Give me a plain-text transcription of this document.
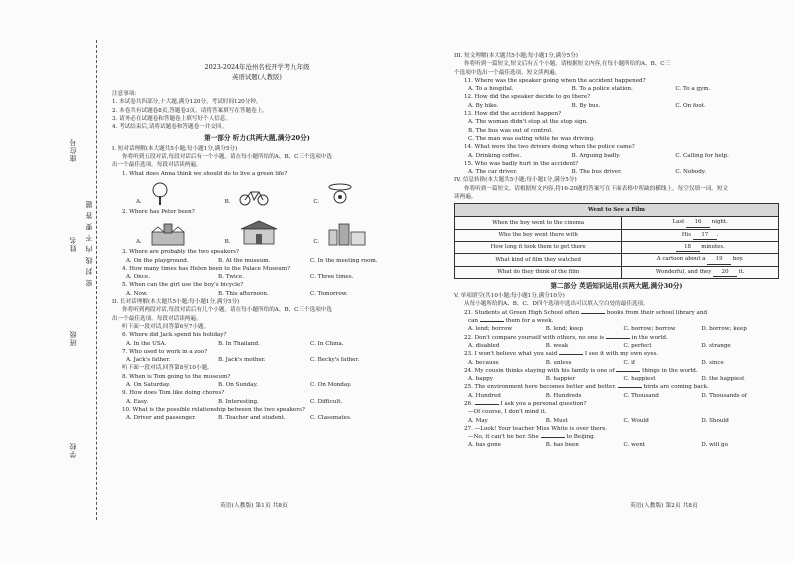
学校
班级
姓名
座位号
密 封 线 内 不 要 答 题
2023-2024年沧州名校开学考九年级
英语试题(人教版)
注意事项:
1. 本试卷共四部分,十大题,满分120分。考试时间120分钟。
2. 本卷共有试题卷8页,答题卷3页。请将答案填写在答题卷上。
3. 请务必在试题卷和答题卷上填写好个人信息。
4. 考试结束后,请将试题卷和答题卷一并交回。
第一部分 听力(共两大题,满分20分)
I. 短对话理解(本大题共5小题;每小题1分,满分5分)
你将听到五段对话,每段对话后有一个小题。请在每小题所给的A、B、C三个选项中选
出一个最佳选项。每段对话读两遍。
1. What does Anna think we should do to live a green life?
A.	B.	C.
2. Where has Peter been?
A.	B.	C.
3. Where are probably the two speakers?
A. On the playground.	B. At the museum.	C. In the meeting room.
4. How many times has Helen been to the Palace Museum?
A. Once.	B. Twice.	C. Three times.
5. When can the girl use the boy's bicycle?
A. Now.	B. This afternoon.	C. Tomorrow.
II. 长对话理解(本大题共5小题;每小题1分,满分5分)
你将听到两段对话,每段对话后有几个小题。请在每小题所给的A、B、C三个选项中选
出一个最佳选项。每段对话读两遍。
听下面一段对话,回答第6至7小题。
6. Where did Jack spend his holiday?
A. In the USA.	B. In Thailand.	C. In China.
7. Who used to work in a zoo?
A. Jack's father.	B. Jack's mother.	C. Becky's father.
听下面一段对话,回答第8至10小题。
8. When is Tom going to the museum?
A. On Saturday.	B. On Sunday.	C. On Monday.
9. How does Tom like doing chores?
A. Easy.	B. Interesting.	C. Difficult.
10. What is the possible relationship between the two speakers?
A. Driver and passenger.	B. Teacher and student.	C. Classmates.
III. 短文理解(本大题共5小题;每小题1分,满分5分)
你将听到一篇短文,短文后有五个小题。请根据短文内容,在每小题所给的A、B、C三
个选项中选出一个最佳选项。短文读两遍。
11. Where was the speaker going when the accident happened?
A. To a hospital.	B. To a police station.	C. To a gym.
12. How did the speaker decide to go there?
A. By bike.	B. By bus.	C. On foot.
13. How did the accident happen?
A. The woman didn't stop at the stop sign.
B. The bus was out of control.
C. The man was eating while he was driving.
14. What were the two drivers doing when the police came?
A. Drinking coffee.	B. Arguing badly.	C. Calling for help.
15. Who was badly hurt in the accident?
A. The car driver.	B. The bus driver.	C. Nobody.
IV. 信息转换(本大题共5小题;每小题1分,满分5分)
你将听到一篇短文。请根据短文内容,将16-20题的答案写在下面表格中所缺的横线上。每空仅填一词。短文
读两遍。
Went to See a Film	
When the boy went to the cinema	Last 16 night.
Who the boy went there with	His 17 .
How long it took them to get there	18 minutes.
What kind of film they watched	A cartoon about a 19 boy.
What do they think of the film	Wonderful, and they 20 it.
第二部分 英语知识运用(共两大题,满分30分)
V. 单项填空(共10小题;每小题1分,满分10分)
从每小题所给的A、B、C、D四个选项中选出可以填入空白处的最佳选项。
21. Students at Green High School often	books from their school library and
can	them for a week.
A. lend; borrow	B. lend; keep	C. borrow; borrow	D. borrow; keep
22. Don't compare yourself with others, no one is	in the world.
A. disabled	B. weak	C. perfect	D. strange
23. I won't believe what you said	I see it with my own eyes.
A. because	B. unless	C. if	D. since
24. My cousin thinks staying with his family is one of	things in the world.
A. happy	B. happier	C. happiest	D. the happiest
25. The environment here becomes better and better.	birds are coming back.
A. Hundred	B. Hundreds	C. Thousand	D. Thousands of
26.	I ask you a personal question?
—Of course, I don't mind it.
A. May	B. Must	C. Would	D. Should
27. —Look! Your teacher Miss White is over there.
—No, it can't be her. She	to Beijing.
A. has gone	B. has been	C. went	D. will go
英语(人教版) 第1页 共8页	英语(人教版) 第2页 共8页
